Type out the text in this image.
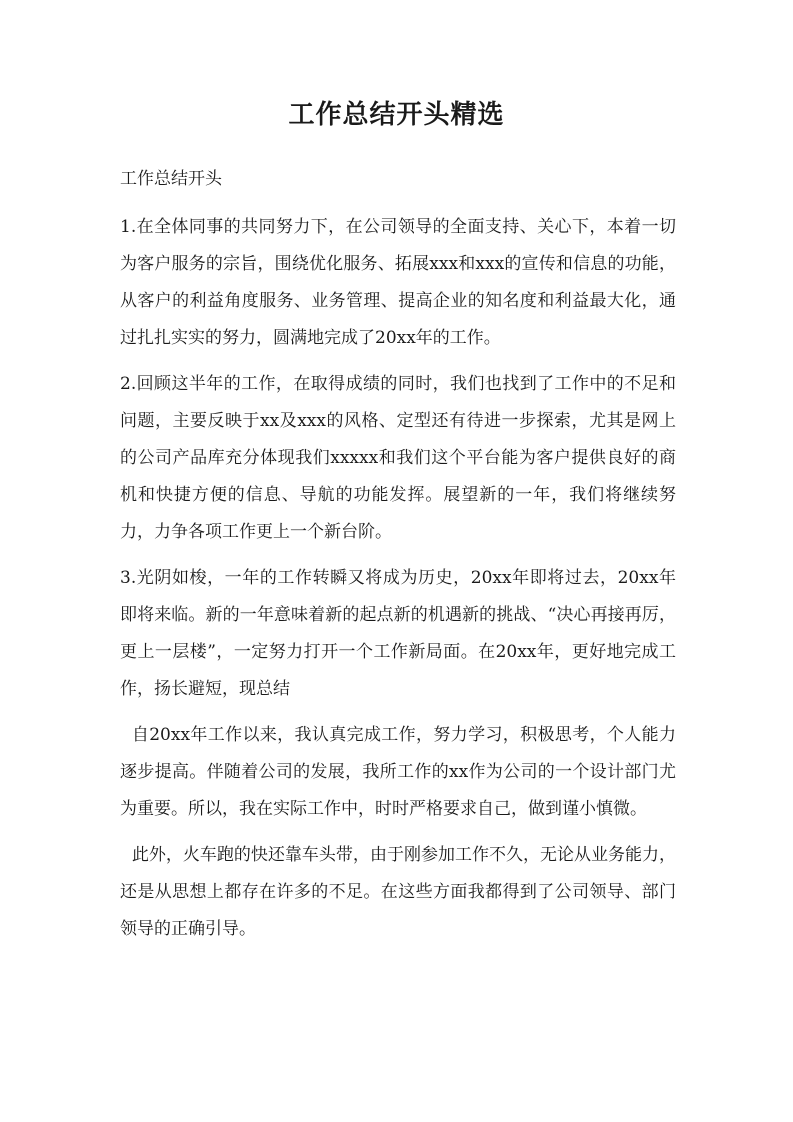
工作总结开头精选

工作总结开头

1.在全体同事的共同努力下，在公司领导的全面支持、关心下，本着一切为客户服务的宗旨，围绕优化服务、拓展xxx和xxx的宣传和信息的功能，从客户的利益角度服务、业务管理、提高企业的知名度和利益最大化，通过扎扎实实的努力，圆满地完成了20xx年的工作。

2.回顾这半年的工作，在取得成绩的同时，我们也找到了工作中的不足和问题，主要反映于xx及xxx的风格、定型还有待进一步探索，尤其是网上的公司产品库充分体现我们xxxxx和我们这个平台能为客户提供良好的商机和快捷方便的信息、导航的功能发挥。展望新的一年，我们将继续努力，力争各项工作更上一个新台阶。

3.光阴如梭，一年的工作转瞬又将成为历史，20xx年即将过去，20xx年即将来临。新的一年意味着新的起点新的机遇新的挑战、“决心再接再厉，更上一层楼”，一定努力打开一个工作新局面。在20xx年，更好地完成工作，扬长避短，现总结

自20xx年工作以来，我认真完成工作，努力学习，积极思考，个人能力逐步提高。伴随着公司的发展，我所工作的xx作为公司的一个设计部门尤为重要。所以，我在实际工作中，时时严格要求自己，做到谨小慎微。

此外，火车跑的快还靠车头带，由于刚参加工作不久，无论从业务能力，还是从思想上都存在许多的不足。在这些方面我都得到了公司领导、部门领导的正确引导。
